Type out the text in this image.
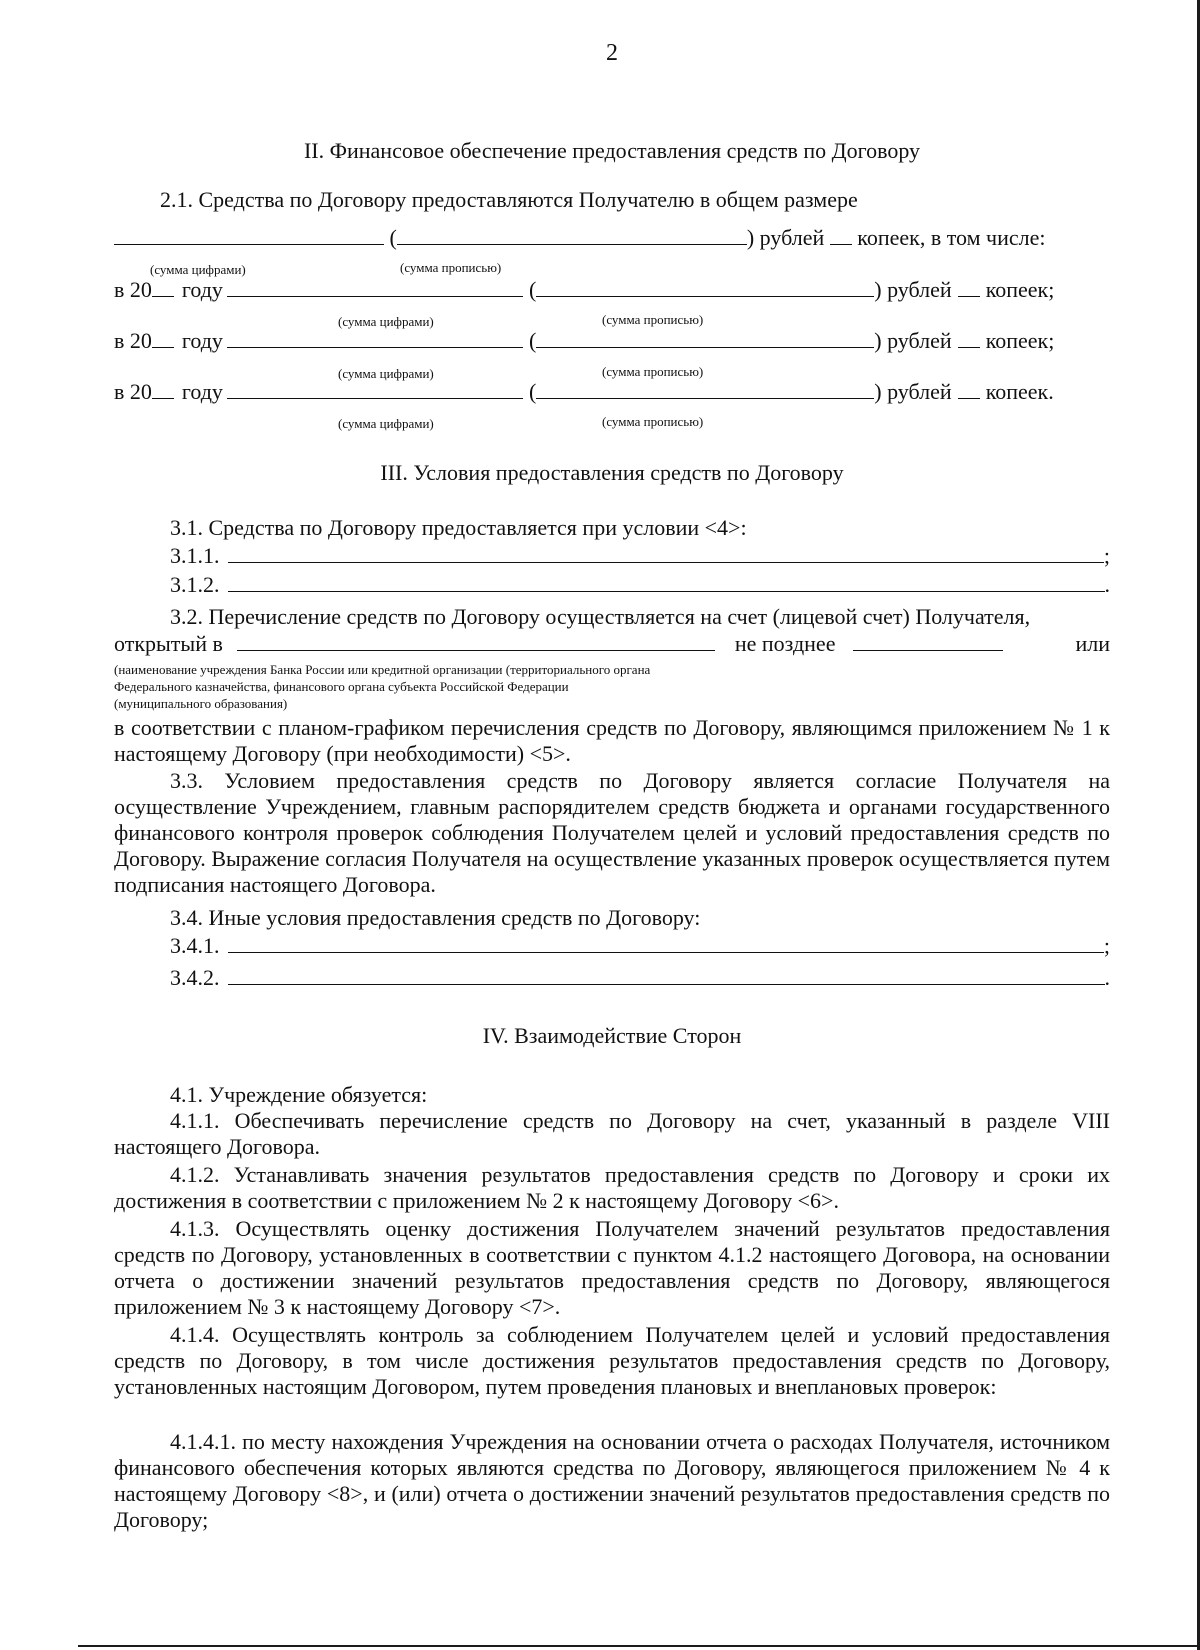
2
II. Финансовое обеспечение предоставления средств по Договору
2.1. Средства по Договору предоставляются Получателю в общем размере
(	) рублей копеек, в том числе:
(сумма цифрами)	(сумма прописью)
в 20 году	(	) рублей копеек;
(сумма цифрами)	(сумма прописью)
в 20 году	(	) рублей копеек;
(сумма цифрами)	(сумма прописью)
в 20 году	(	) рублей копеек.
(сумма цифрами)	(сумма прописью)
III. Условия предоставления средств по Договору
3.1. Средства по Договору предоставляется при условии <4>:
3.1.1.	;
3.1.2.	.
3.2. Перечисление средств по Договору осуществляется на счет (лицевой счет) Получателя,
открытый в	не позднее	или
(наименование учреждения Банка России или кредитной организации (территориального органа
Федерального казначейства, финансового органа субъекта Российской Федерации
(муниципального образования)
в соответствии с планом-графиком перечисления средств по Договору, являющимся приложением № 1 к настоящему Договору (при необходимости) <5>.
3.3. Условием предоставления средств по Договору является согласие Получателя на осуществление Учреждением, главным распорядителем средств бюджета и органами государственного финансового контроля проверок соблюдения Получателем целей и условий предоставления средств по Договору. Выражение согласия Получателя на осуществление указанных проверок осуществляется путем подписания настоящего Договора.
3.4. Иные условия предоставления средств по Договору:
3.4.1.	;
3.4.2.	.
IV. Взаимодействие Сторон
4.1. Учреждение обязуется:
4.1.1. Обеспечивать перечисление средств по Договору на счет, указанный в разделе VIII настоящего Договора.
4.1.2. Устанавливать значения результатов предоставления средств по Договору и сроки их достижения в соответствии с приложением № 2 к настоящему Договору <6>.
4.1.3. Осуществлять оценку достижения Получателем значений результатов предоставления средств по Договору, установленных в соответствии с пунктом 4.1.2 настоящего Договора, на основании отчета о достижении значений результатов предоставления средств по Договору, являющегося приложением № 3 к настоящему Договору <7>.
4.1.4. Осуществлять контроль за соблюдением Получателем целей и условий предоставления средств по Договору, в том числе достижения результатов предоставления средств по Договору, установленных настоящим Договором, путем проведения плановых и внеплановых проверок:
4.1.4.1. по месту нахождения Учреждения на основании отчета о расходах Получателя, источником финансового обеспечения которых являются средства по Договору, являющегося приложением № 4 к настоящему Договору <8>, и (или) отчета о достижении значений результатов предоставления средств по Договору;
